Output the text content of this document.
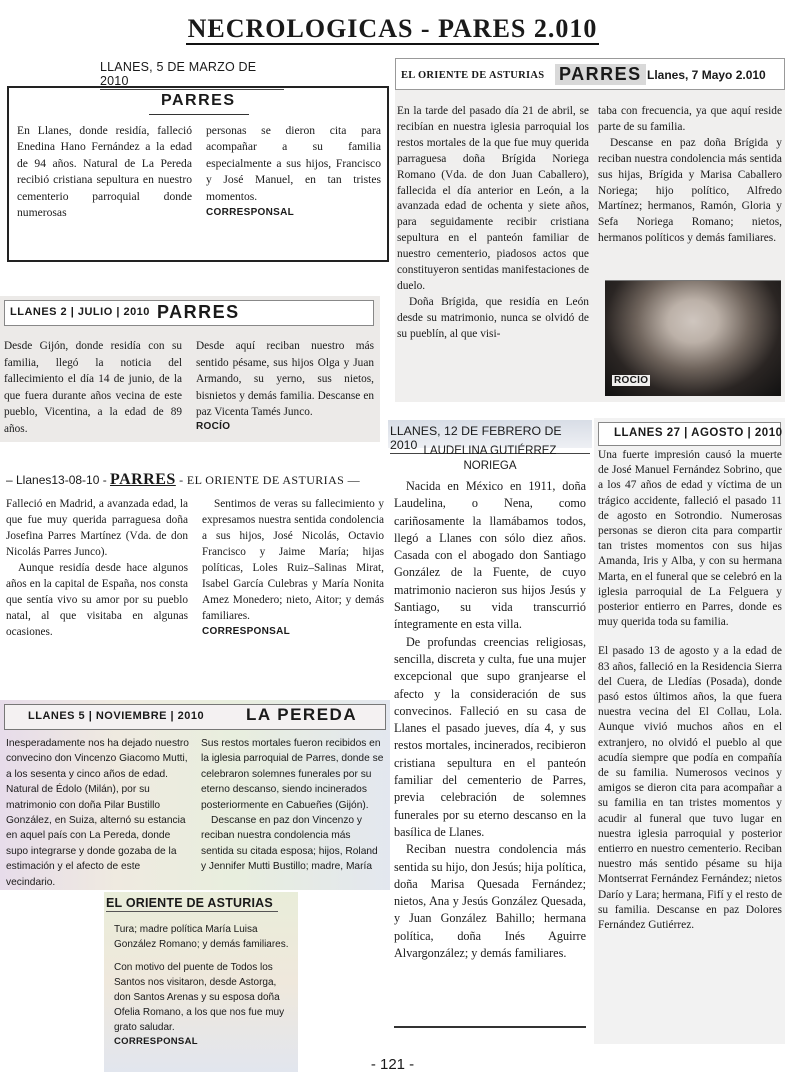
NECROLOGICAS - PARES 2.010
LLANES, 5 DE MARZO DE 2010
PARRES
En Llanes, donde residía, falleció Enedina Hano Fernández a la edad de 94 años. Natural de La Pereda recibió cristiana sepultura en nuestro cementerio parroquial donde numerosas
personas se dieron cita para acompañar a su familia especialmente a sus hijos, Francisco y José Manuel, en tan tristes momentos.
CORRESPONSAL
LLANES 2 | JULIO | 2010 PARRES
Desde Gijón, donde residía con su familia, llegó la noticia del fallecimiento el día 14 de junio, de la que fuera durante años vecina de este pueblo, Vicentina, a la edad de 89 años.
Desde aquí reciban nuestro más sentido pésame, sus hijos Olga y Juan Armando, su yerno, sus nietos, bisnietos y demás familia. Descanse en paz Vicenta Tamés Junco.
ROCÍO
– Llanes13-08-10 - PARRES - EL ORIENTE DE ASTURIAS —
Falleció en Madrid, a avanzada edad, la que fue muy querida parraguesa doña Josefina Parres Martínez (Vda. de don Nicolás Parres Junco).
Aunque residía desde hace algunos años en la capital de España, nos consta que sentía vivo su amor por su pueblo natal, al que visitaba en algunas ocasiones.
Sentimos de veras su fallecimiento y expresamos nuestra sentida condolencia a sus hijos, José Nicolás, Octavio Francisco y Jaime María; hijas políticas, Loles Ruiz–Salinas Mirat, Isabel García Culebras y María Nonita Amez Monedero; nieto, Aitor; y demás familiares.
CORRESPONSAL
LLANES 5 | NOVIEMBRE | 2010 LA PEREDA
Inesperadamente nos ha dejado nuestro convecino don Vincenzo Giacomo Mutti, a los sesenta y cinco años de edad. Natural de Édolo (Milán), por su matrimonio con doña Pilar Bustillo González, en Suiza, alternó su estancia en aquel país con La Pereda, donde supo integrarse y donde gozaba de la estimación y el afecto de este vecindario.
Sus restos mortales fueron recibidos en la iglesia parroquial de Parres, donde se celebraron solemnes funerales por su eterno descanso, siendo incinerados posteriormente en Cabueñes (Gijón).
Descanse en paz don Vincenzo y reciban nuestra condolencia más sentida su citada esposa; hijos, Roland y Jennifer Mutti Bustillo; madre, María
EL ORIENTE DE ASTURIAS
Tura; madre política María Luisa González Romano; y demás familiares.
Con motivo del puente de Todos los Santos nos visitaron, desde Astorga, don Santos Arenas y su esposa doña Ofelia Romano, a los que nos fue muy grato saludar.
CORRESPONSAL
EL ORIENTE DE ASTURIAS PARRES Llanes, 7 Mayo 2.010
En la tarde del pasado día 21 de abril, se recibían en nuestra iglesia parroquial los restos mortales de la que fue muy querida parraguesa doña Brígida Noriega Romano (Vda. de don Juan Caballero), fallecida el día anterior en León, a la avanzada edad de ochenta y siete años, para seguidamente recibir cristiana sepultura en el panteón familiar de nuestro cementerio, piadosos actos que constituyeron sentidas manifestaciones de duelo.
Doña Brígida, que residía en León desde su matrimonio, nunca se olvidó de su pueblín, al que visi-
taba con frecuencia, ya que aquí reside parte de su familia.
Descanse en paz doña Brígida y reciban nuestra condolencia más sentida sus hijas, Brígida y Marisa Caballero Noriega; hijo político, Alfredo Martínez; hermanos, Ramón, Gloria y Sefa Noriega Romano; nietos, hermanos políticos y demás familiares.
ROCÍO
LLANES, 12 DE FEBRERO DE 2010 LAUDELINA GUTIÉRREZ
NORIEGA
Nacida en México en 1911, doña Laudelina, o Nena, como cariñosamente la llamábamos todos, llegó a Llanes con sólo diez años. Casada con el abogado don Santiago González de la Fuente, de cuyo matrimonio nacieron sus hijos Jesús y Santiago, su vida transcurrió íntegramente en esta villa.
De profundas creencias religiosas, sencilla, discreta y culta, fue una mujer excepcional que supo granjearse el afecto y la consideración de sus convecinos. Falleció en su casa de Llanes el pasado jueves, día 4, y sus restos mortales, incinerados, recibieron cristiana sepultura en el panteón familiar del cementerio de Parres, previa celebración de solemnes funerales por su eterno descanso en la basílica de Llanes.
Reciban nuestra condolencia más sentida su hijo, don Jesús; hija política, doña Marisa Quesada Fernández; nietos, Ana y Jesús González Quesada, y Juan González Bahillo; hermana política, doña Inés Aguirre Alvargonzález; y demás familiares.
LLANES 27 | AGOSTO | 2010
Una fuerte impresión causó la muerte de José Manuel Fernández Sobrino, que a los 47 años de edad y víctima de un trágico accidente, falleció el pasado 11 de agosto en Sotrondio. Numerosas personas se dieron cita para compartir tan tristes momentos con sus hijas Amanda, Iris y Alba, y con su hermana Marta, en el funeral que se celebró en la iglesia parroquial de La Felguera y posterior entierro en Parres, donde es muy querida toda su familia.
El pasado 13 de agosto y a la edad de 83 años, falleció en la Residencia Sierra del Cuera, de Lledías (Posada), donde pasó estos últimos años, la que fuera nuestra vecina del El Collau, Lola. Aunque vivió muchos años en el extranjero, no olvidó el pueblo al que acudía siempre que podía en compañía de su familia. Numerosos vecinos y amigos se dieron cita para acompañar a su familia en tan tristes momentos y acudir al funeral que tuvo lugar en nuestra iglesia parroquial y posterior entierro en nuestro cementerio. Reciban nuestro más sentido pésame su hija Montserrat Fernández Fernández; nietos Darío y Lara; hermana, Fifí y el resto de su familia. Descanse en paz Dolores Fernández Gutiérrez.
- 121 -
